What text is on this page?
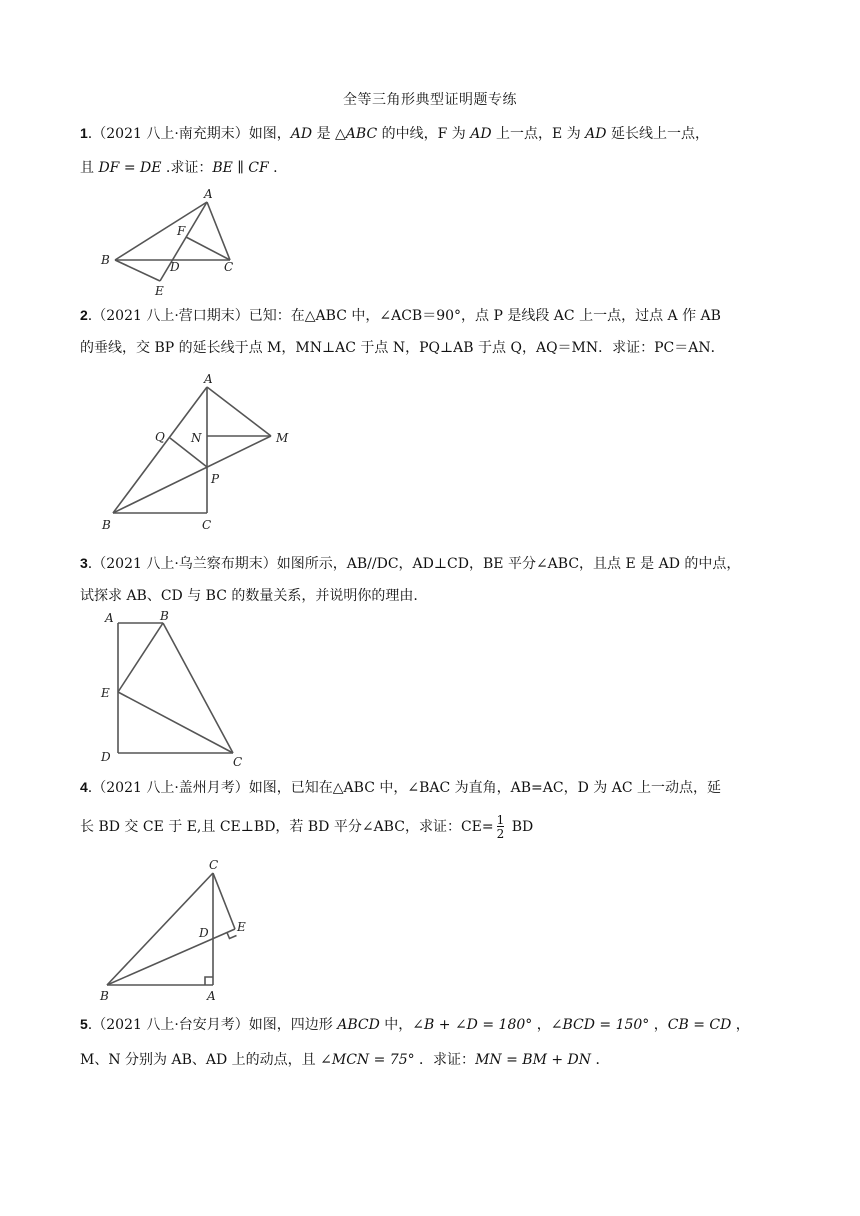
全等三角形典型证明题专练
1.（2021 八上·南充期末）如图，AD 是 △ABC 的中线，F 为 AD 上一点，E 为 AD 延长线上一点，
且 DF = DE .求证：BE ∥ CF .
A
F
B	D	C
E
2.（2021 八上·营口期末）已知：在△ABC 中，∠ACB＝90°，点 P 是线段 AC 上一点，过点 A 作 AB
的垂线，交 BP 的延长线于点 M，MN⊥AC 于点 N，PQ⊥AB 于点 Q，AQ＝MN．求证：PC＝AN．
A
Q N	M
P
B	C
3.（2021 八上·乌兰察布期末）如图所示，AB//DC，AD⊥CD，BE 平分∠ABC，且点 E 是 AD 的中点，
试探求 AB、CD 与 BC 的数量关系，并说明你的理由.
A	B
E
D	C
4.（2021 八上·盖州月考）如图，已知在△ABC 中，∠BAC 为直角，AB=AC，D 为 AC 上一动点，延
长 BD 交 CE 于 E,且 CE⊥BD，若 BD 平分∠ABC，求证：$CE= \frac{1}{2}$ BD
C
E
D
B	A
5.（2021 八上·台安月考）如图，四边形 ABCD 中，∠B + ∠D = 180° ，∠BCD = 150° ，CB = CD ，
M、N 分别为 AB、AD 上的动点，且 ∠MCN = 75° ．求证：MN = BM + DN ．
